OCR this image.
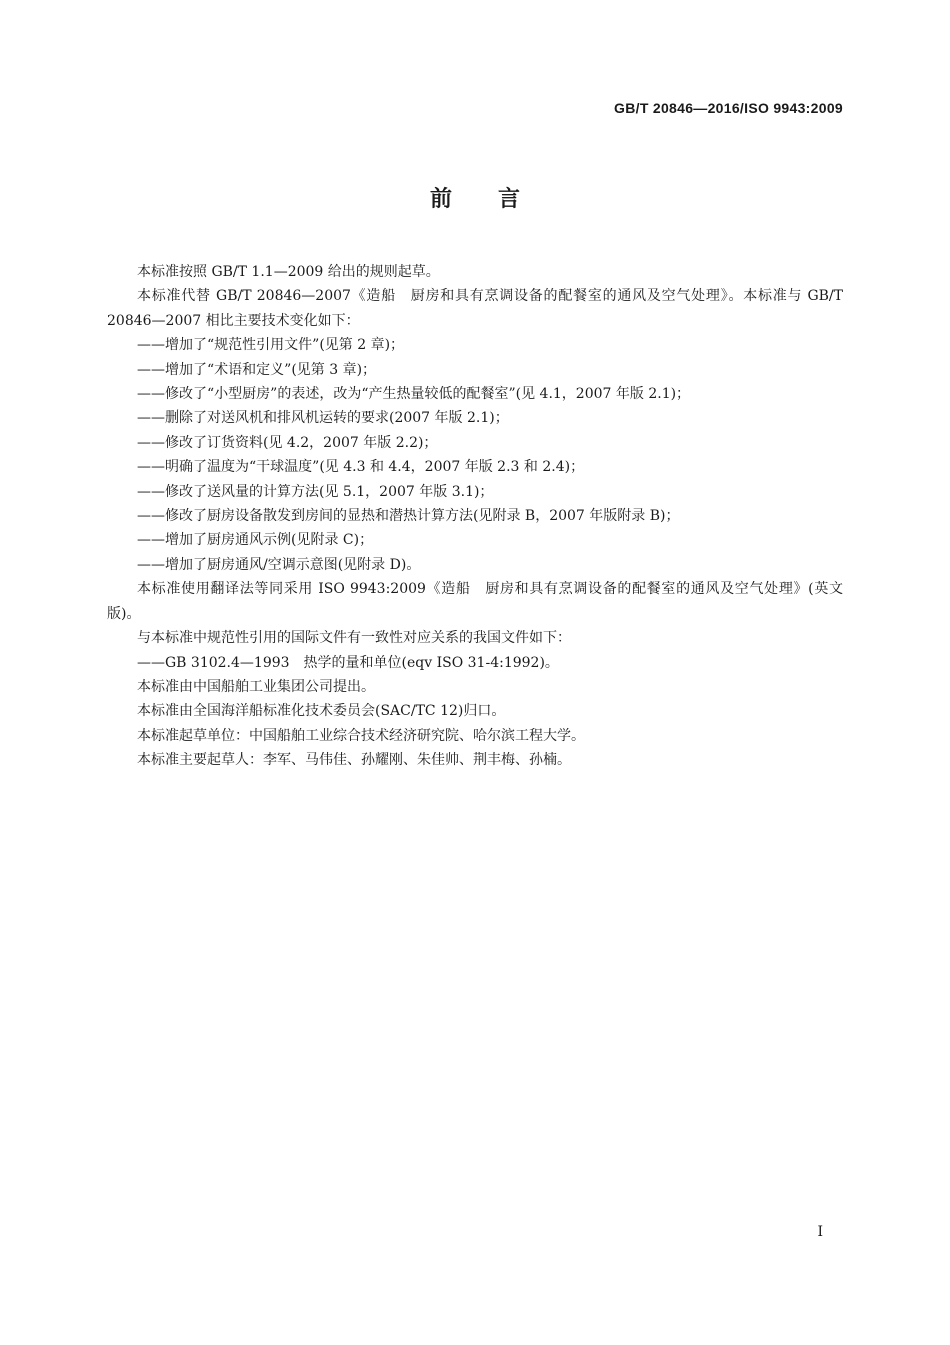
GB/T 20846—2016/ISO 9943:2009
前言

本标准按照 GB/T 1.1—2009 给出的规则起草。

本标准代替 GB/T 20846—2007《造船　厨房和具有烹调设备的配餐室的通风及空气处理》。本标准与 GB/T 20846—2007 相比主要技术变化如下：

——增加了“规范性引用文件”(见第 2 章)；

——增加了“术语和定义”(见第 3 章)；

——修改了“小型厨房”的表述，改为“产生热量较低的配餐室”(见 4.1，2007 年版 2.1)；

——删除了对送风机和排风机运转的要求(2007 年版 2.1)；

——修改了订货资料(见 4.2，2007 年版 2.2)；

——明确了温度为“干球温度”(见 4.3 和 4.4，2007 年版 2.3 和 2.4)；

——修改了送风量的计算方法(见 5.1，2007 年版 3.1)；

——修改了厨房设备散发到房间的显热和潜热计算方法(见附录 B，2007 年版附录 B)；

——增加了厨房通风示例(见附录 C)；

——增加了厨房通风/空调示意图(见附录 D)。

本标准使用翻译法等同采用 ISO 9943:2009《造船　厨房和具有烹调设备的配餐室的通风及空气处理》(英文版)。

与本标准中规范性引用的国际文件有一致性对应关系的我国文件如下：

——GB 3102.4—1993　热学的量和单位(eqv ISO 31-4:1992)。

本标准由中国船舶工业集团公司提出。

本标准由全国海洋船标准化技术委员会(SAC/TC 12)归口。

本标准起草单位：中国船舶工业综合技术经济研究院、哈尔滨工程大学。

本标准主要起草人：李军、马伟佳、孙耀刚、朱佳帅、荆丰梅、孙楠。

I
